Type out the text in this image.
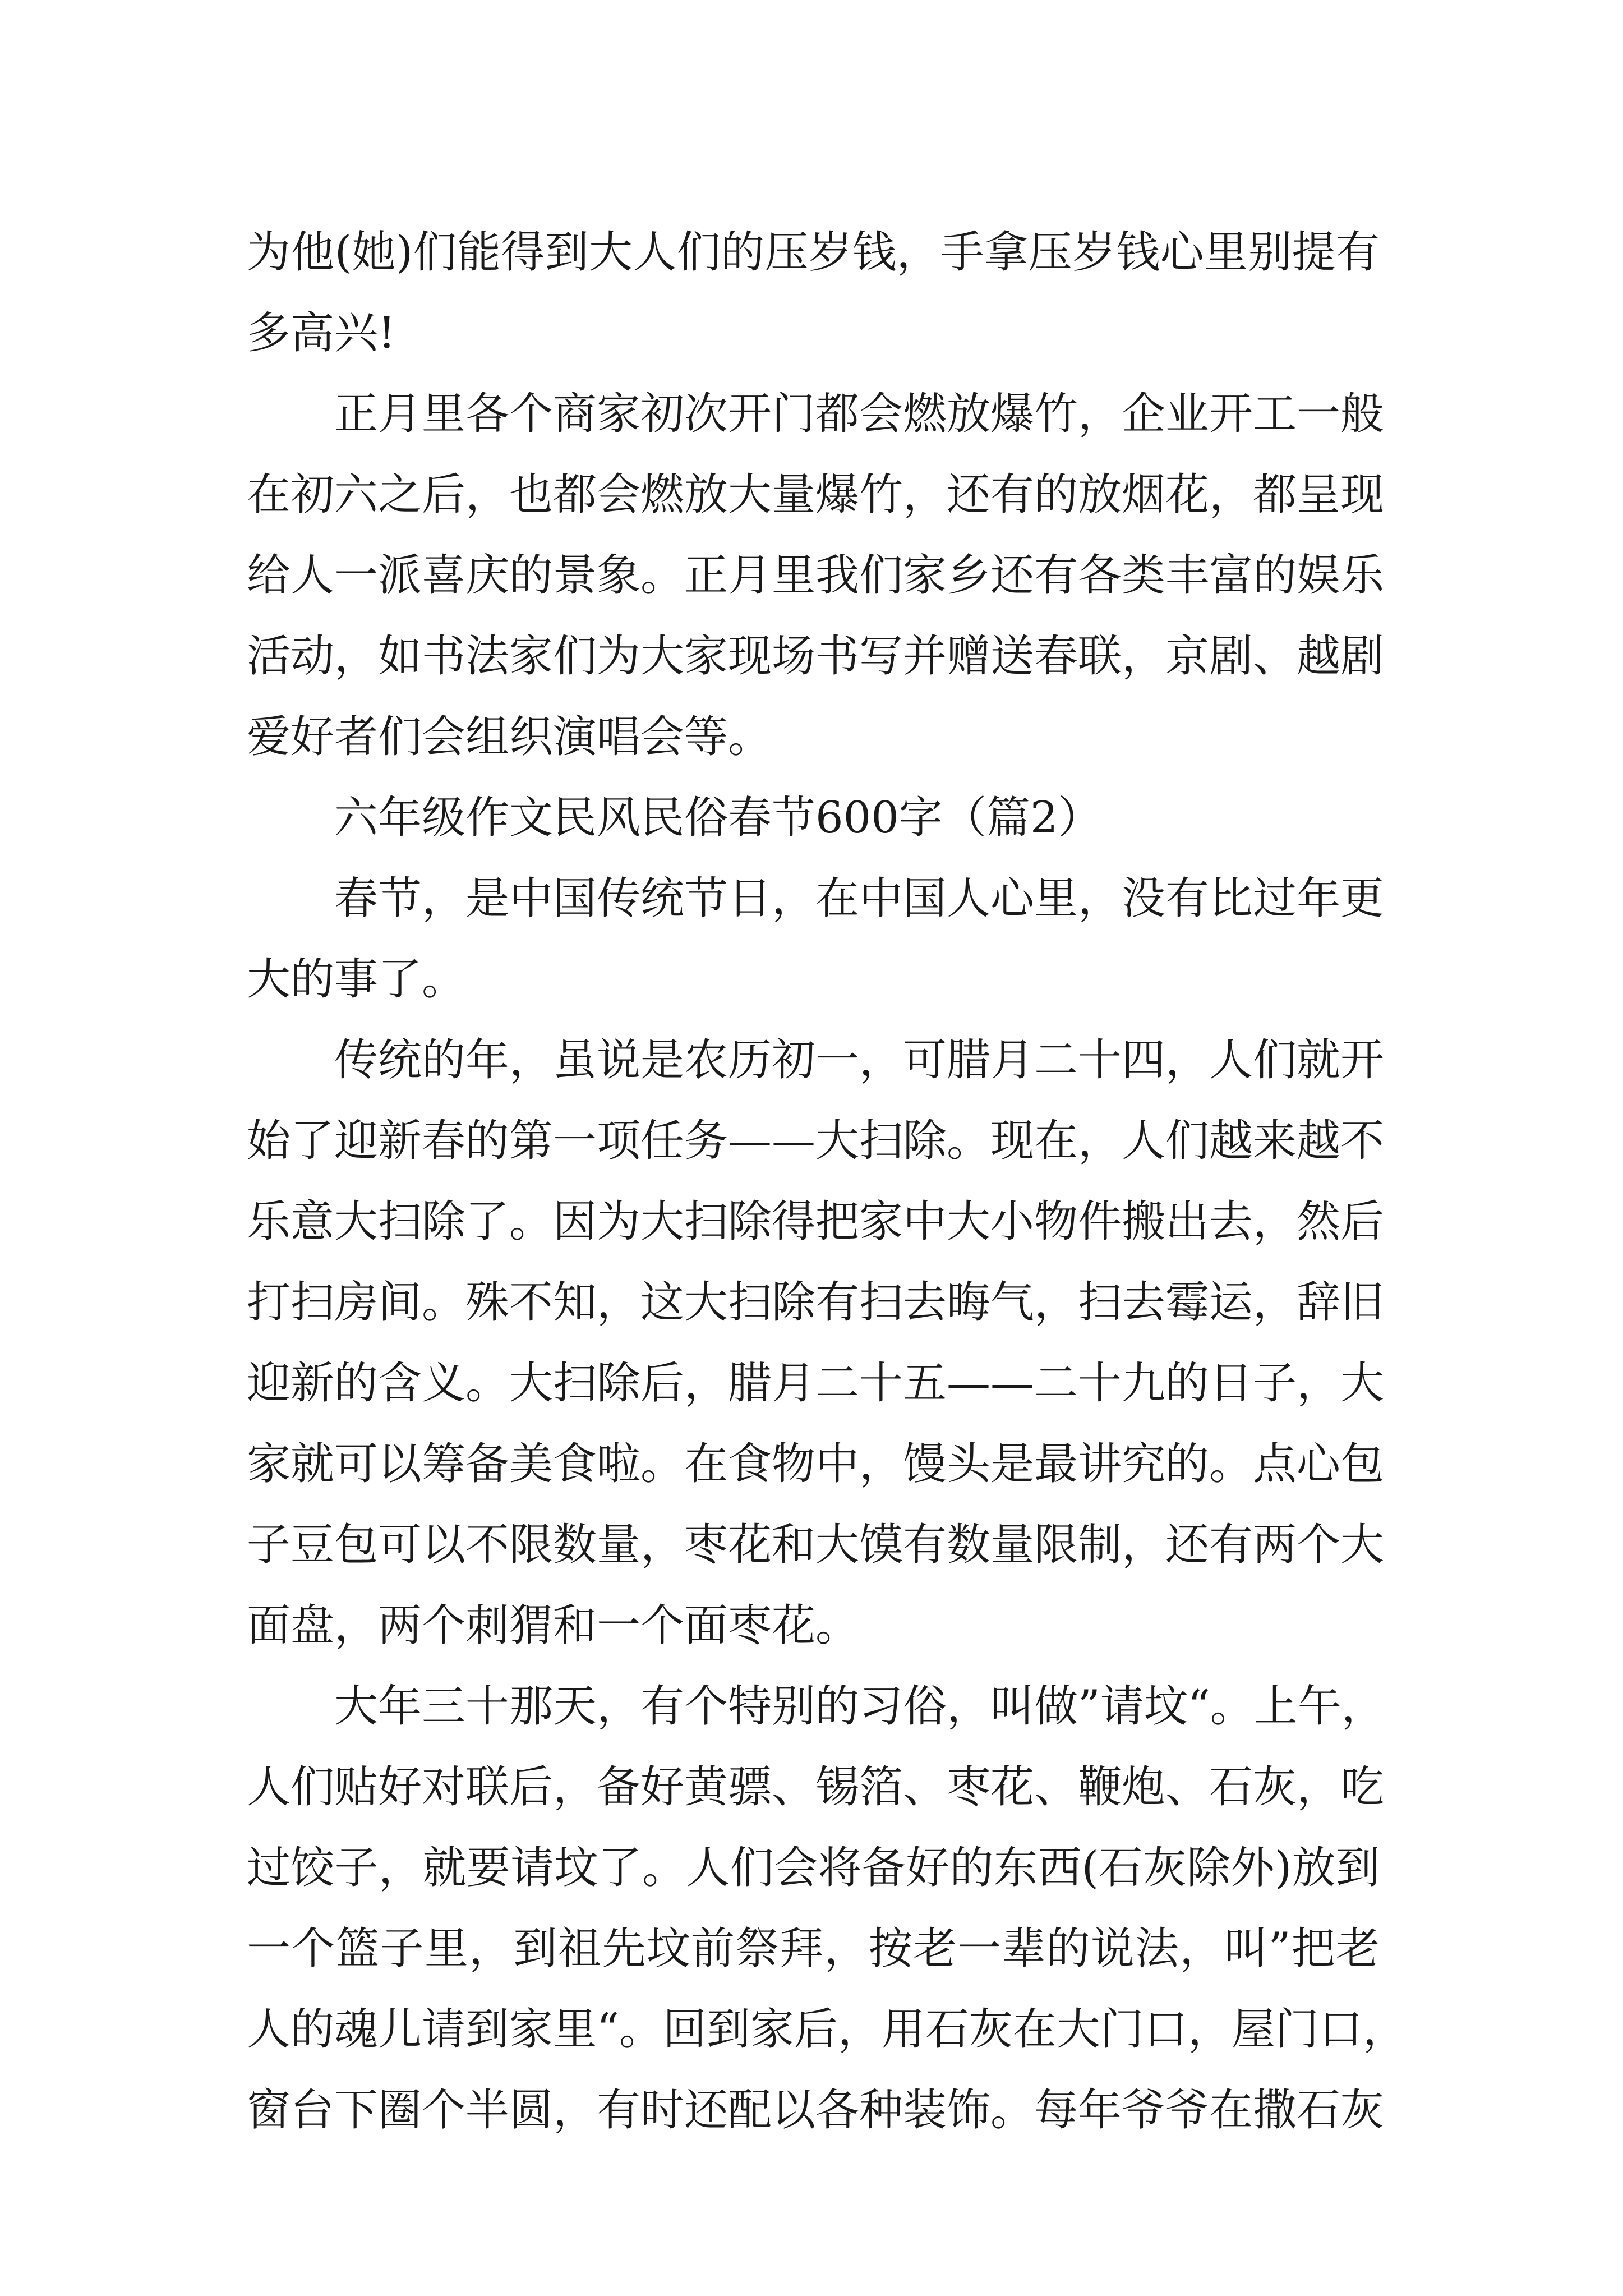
为他(她)们能得到大人们的压岁钱，手拿压岁钱心里别提有
多高兴!
正月里各个商家初次开门都会燃放爆竹，企业开工一般
在初六之后，也都会燃放大量爆竹，还有的放烟花，都呈现
给人一派喜庆的景象。正月里我们家乡还有各类丰富的娱乐
活动，如书法家们为大家现场书写并赠送春联，京剧、越剧
爱好者们会组织演唱会等。
六年级作文民风民俗春节600字（篇2）
春节，是中国传统节日，在中国人心里，没有比过年更
大的事了。
传统的年，虽说是农历初一，可腊月二十四，人们就开
始了迎新春的第一项任务——大扫除。现在，人们越来越不
乐意大扫除了。因为大扫除得把家中大小物件搬出去，然后
打扫房间。殊不知，这大扫除有扫去晦气，扫去霉运，辞旧
迎新的含义。大扫除后，腊月二十五——二十九的日子，大
家就可以筹备美食啦。在食物中，馒头是最讲究的。点心包
子豆包可以不限数量，枣花和大馍有数量限制，还有两个大
面盘，两个刺猬和一个面枣花。
大年三十那天，有个特别的习俗，叫做”请坟“。上午，
人们贴好对联后，备好黄骠、锡箔、枣花、鞭炮、石灰，吃
过饺子，就要请坟了。人们会将备好的东西(石灰除外)放到
一个篮子里，到祖先坟前祭拜，按老一辈的说法，叫”把老
人的魂儿请到家里“。回到家后，用石灰在大门口，屋门口，
窗台下圈个半圆，有时还配以各种装饰。每年爷爷在撒石灰
